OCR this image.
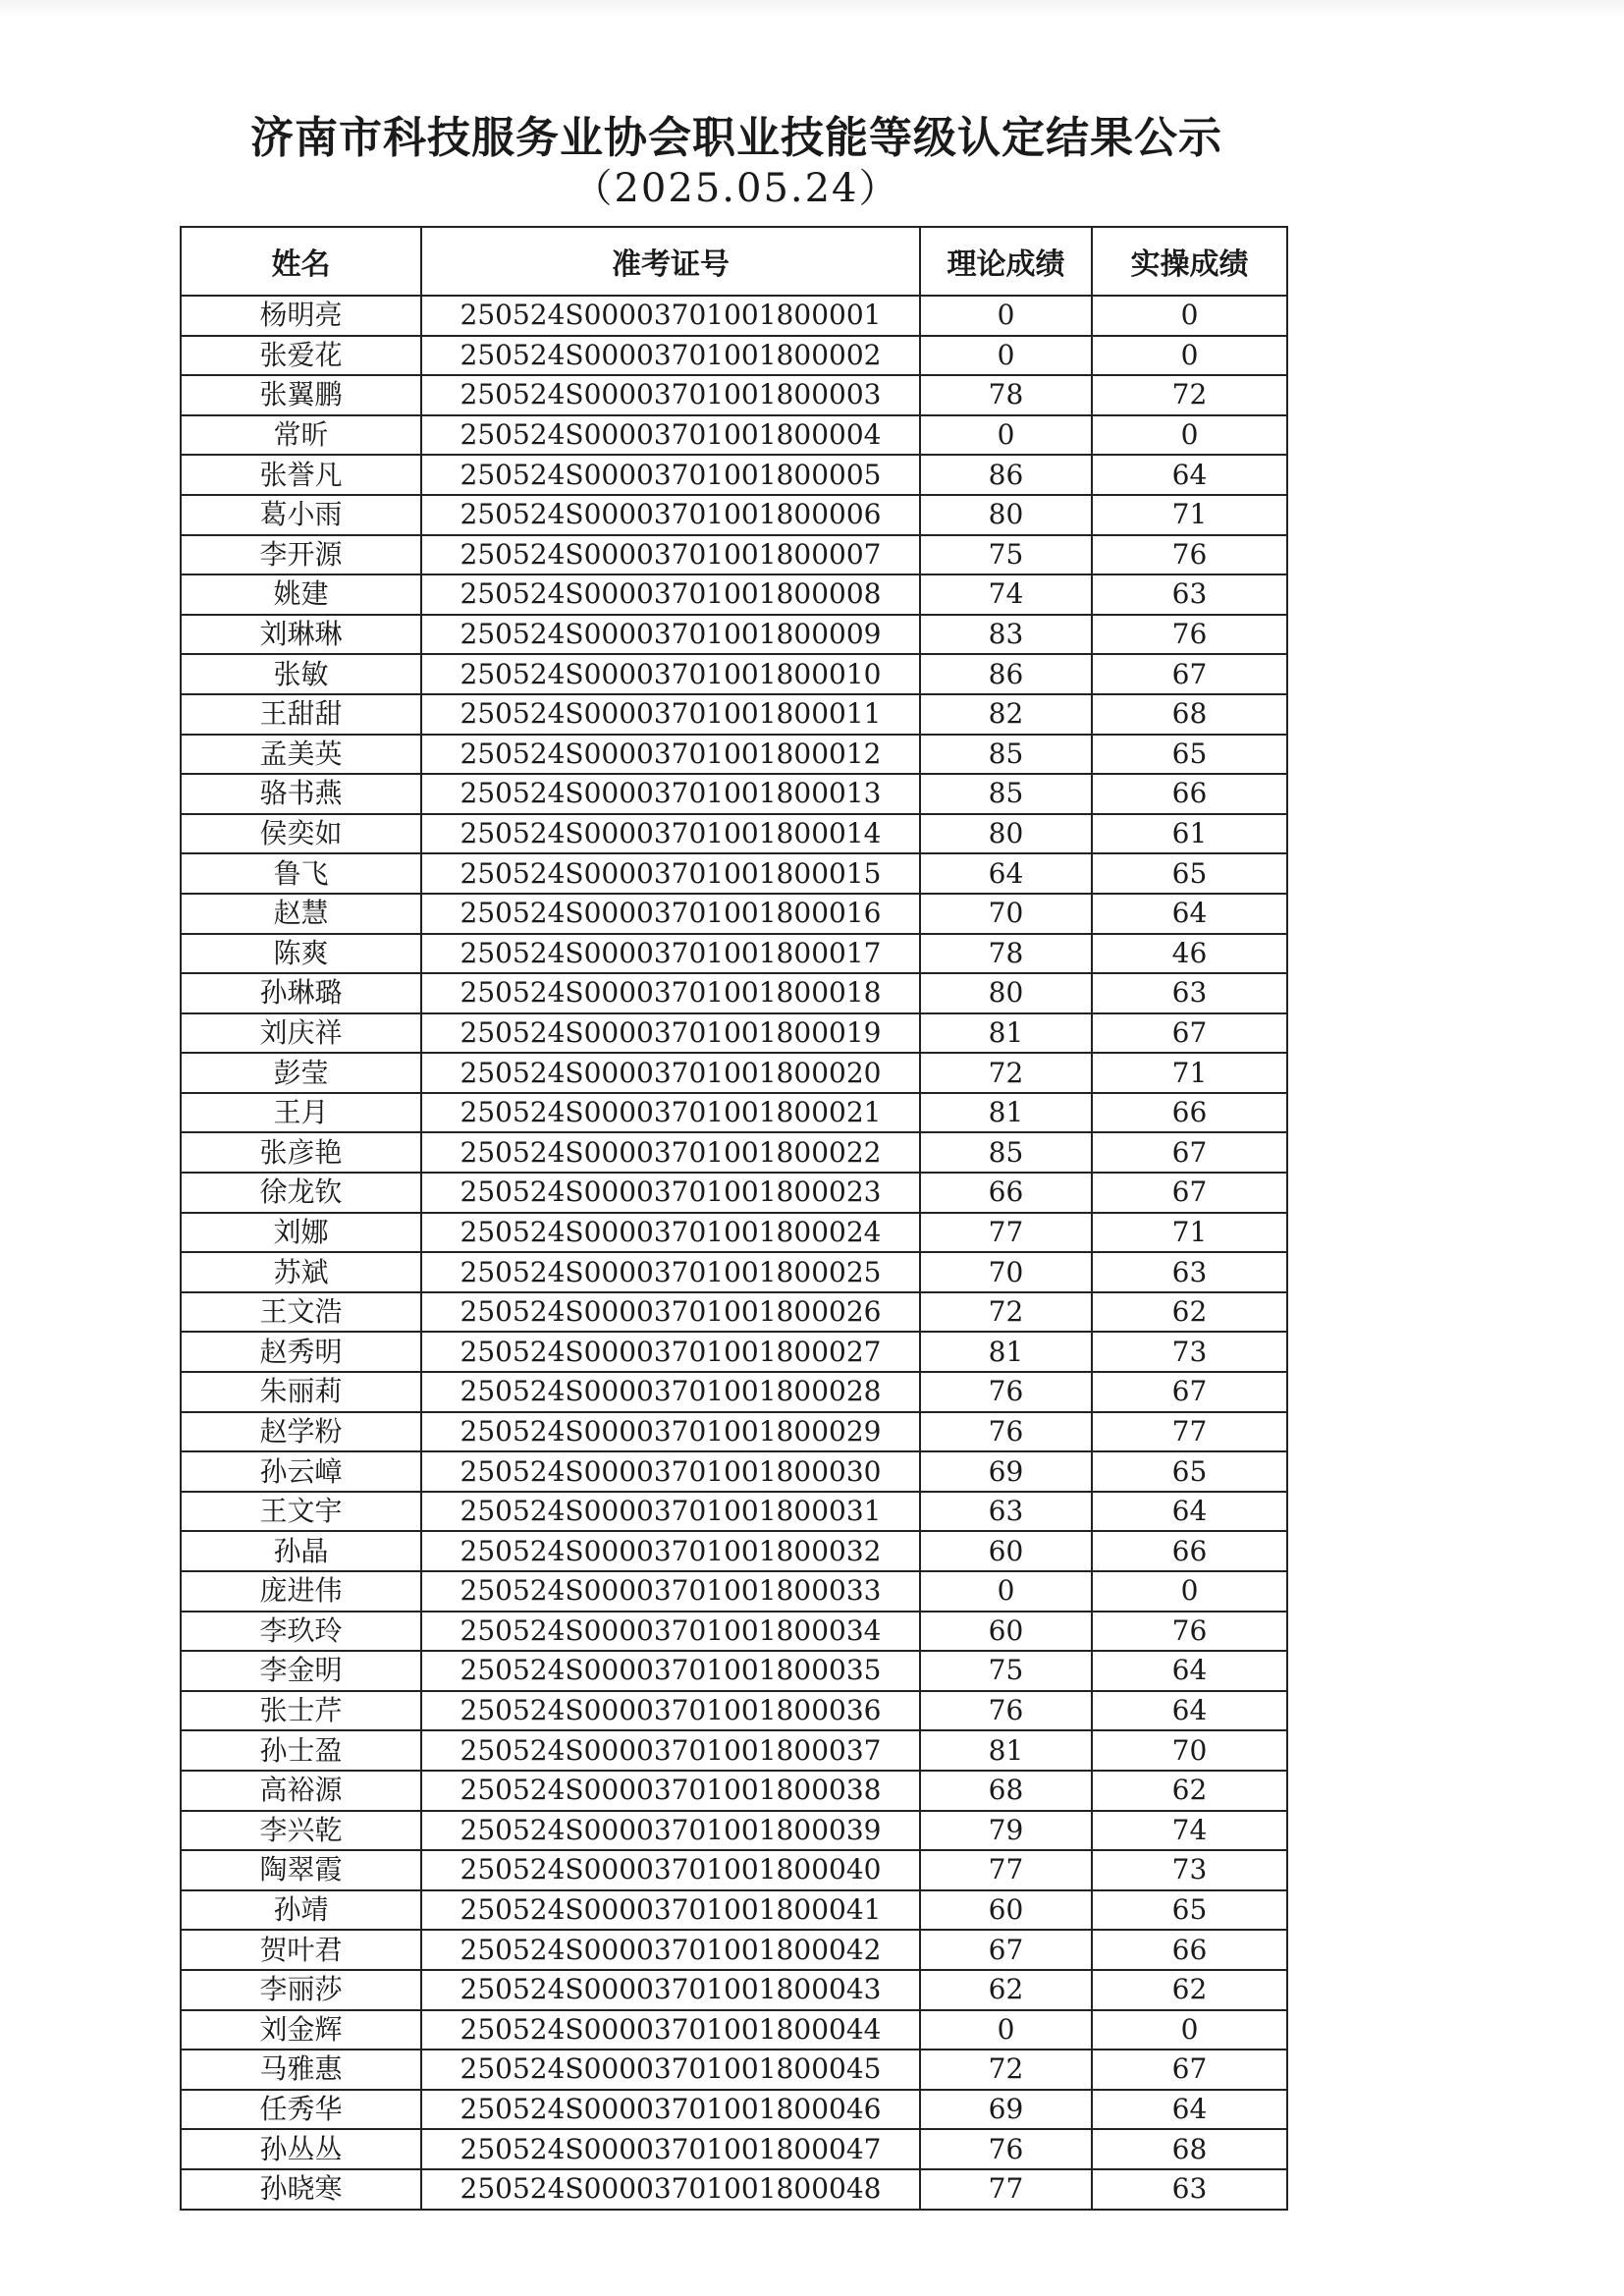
济南市科技服务业协会职业技能等级认定结果公示
（2025.05.24）
姓名	准考证号	理论成绩	实操成绩
杨明亮	250524S00003701001800001	0	0
张爱花	250524S00003701001800002	0	0
张翼鹏	250524S00003701001800003	78	72
常昕	250524S00003701001800004	0	0
张誉凡	250524S00003701001800005	86	64
葛小雨	250524S00003701001800006	80	71
李开源	250524S00003701001800007	75	76
姚建	250524S00003701001800008	74	63
刘琳琳	250524S00003701001800009	83	76
张敏	250524S00003701001800010	86	67
王甜甜	250524S00003701001800011	82	68
孟美英	250524S00003701001800012	85	65
骆书燕	250524S00003701001800013	85	66
侯奕如	250524S00003701001800014	80	61
鲁飞	250524S00003701001800015	64	65
赵慧	250524S00003701001800016	70	64
陈爽	250524S00003701001800017	78	46
孙琳璐	250524S00003701001800018	80	63
刘庆祥	250524S00003701001800019	81	67
彭莹	250524S00003701001800020	72	71
王月	250524S00003701001800021	81	66
张彦艳	250524S00003701001800022	85	67
徐龙钦	250524S00003701001800023	66	67
刘娜	250524S00003701001800024	77	71
苏斌	250524S00003701001800025	70	63
王文浩	250524S00003701001800026	72	62
赵秀明	250524S00003701001800027	81	73
朱丽莉	250524S00003701001800028	76	67
赵学粉	250524S00003701001800029	76	77
孙云嶂	250524S00003701001800030	69	65
王文宇	250524S00003701001800031	63	64
孙晶	250524S00003701001800032	60	66
庞进伟	250524S00003701001800033	0	0
李玖玲	250524S00003701001800034	60	76
李金明	250524S00003701001800035	75	64
张士芹	250524S00003701001800036	76	64
孙士盈	250524S00003701001800037	81	70
高裕源	250524S00003701001800038	68	62
李兴乾	250524S00003701001800039	79	74
陶翠霞	250524S00003701001800040	77	73
孙靖	250524S00003701001800041	60	65
贺叶君	250524S00003701001800042	67	66
李丽莎	250524S00003701001800043	62	62
刘金辉	250524S00003701001800044	0	0
马雅惠	250524S00003701001800045	72	67
任秀华	250524S00003701001800046	69	64
孙丛丛	250524S00003701001800047	76	68
孙晓寒	250524S00003701001800048	77	63
